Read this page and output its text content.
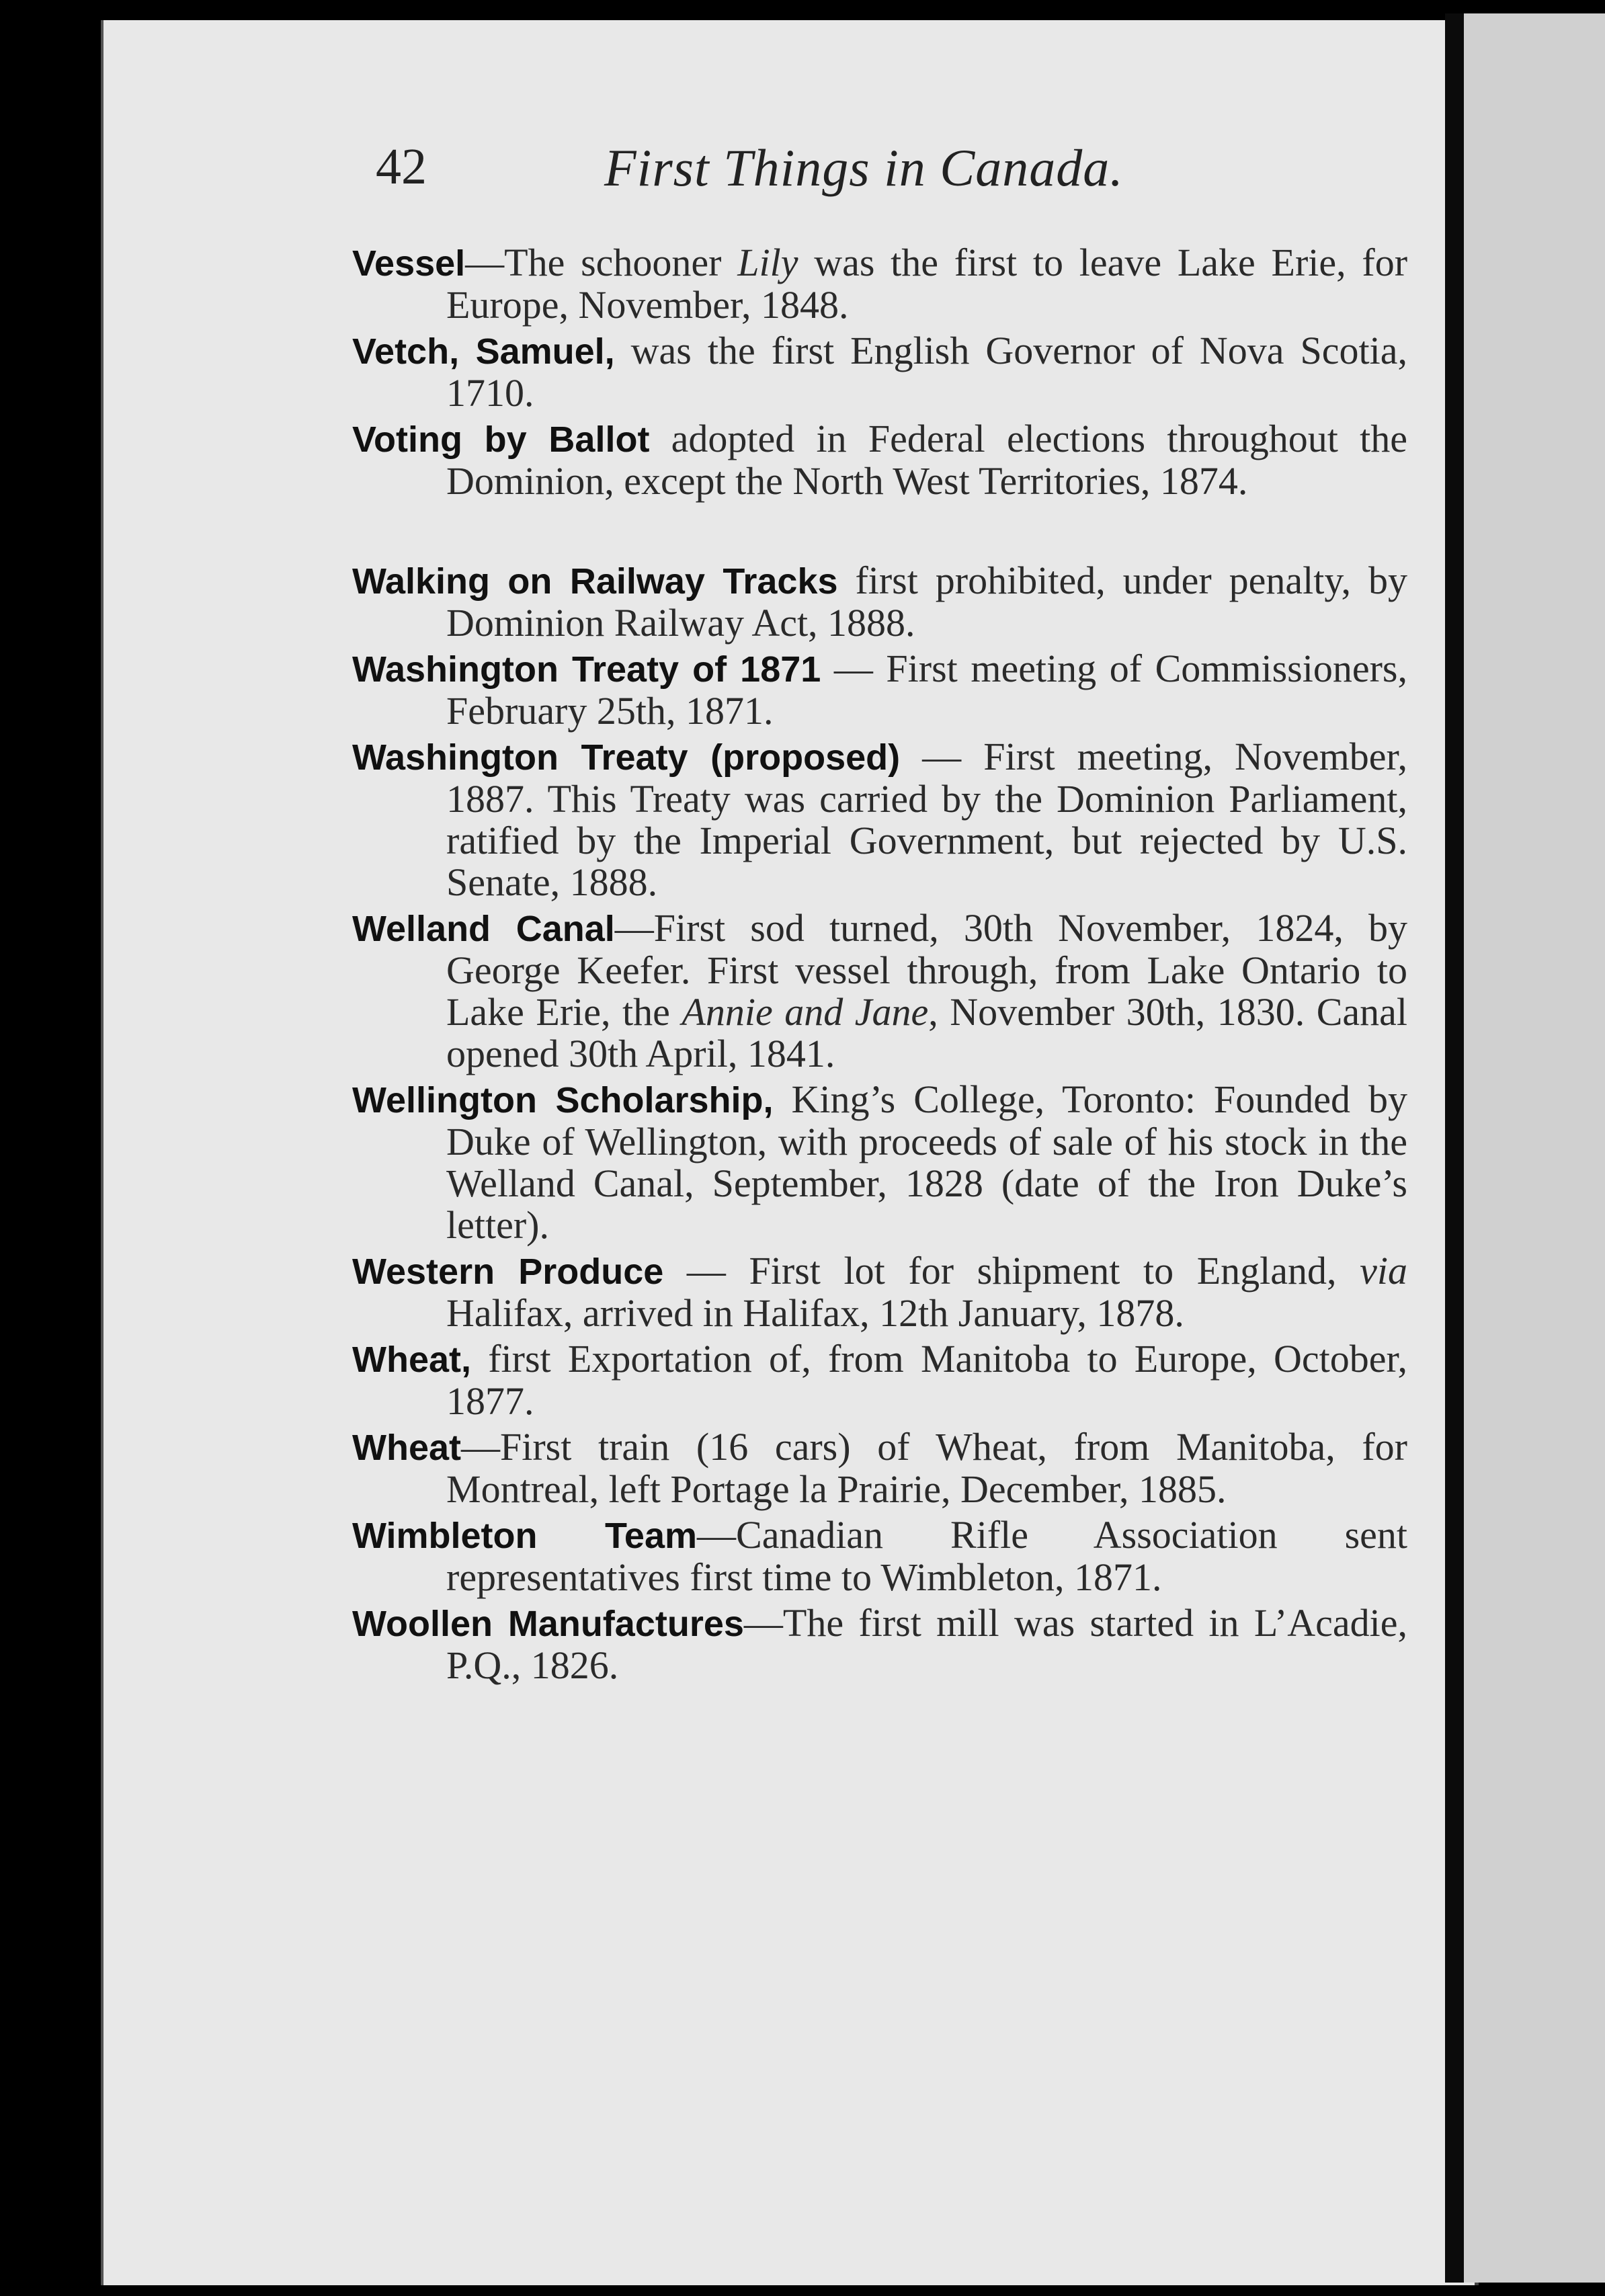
42	First Things in Canada.

Vessel—The schooner Lily was the first to leave Lake Erie, for Europe, November, 1848.

Vetch, Samuel, was the first English Governor of Nova Scotia, 1710.

Voting by Ballot adopted in Federal elections throughout the Dominion, except the North West Territories, 1874.

Walking on Railway Tracks first prohibited, under penalty, by Dominion Railway Act, 1888.

Washington Treaty of 1871 — First meeting of Commissioners, February 25th, 1871.

Washington Treaty (proposed) — First meeting, November, 1887. This Treaty was carried by the Dominion Parliament, ratified by the Imperial Government, but rejected by U.S. Senate, 1888.

Welland Canal—First sod turned, 30th November, 1824, by George Keefer. First vessel through, from Lake Ontario to Lake Erie, the Annie and Jane, November 30th, 1830. Canal opened 30th April, 1841.

Wellington Scholarship, King’s College, Toronto: Founded by Duke of Wellington, with proceeds of sale of his stock in the Welland Canal, September, 1828 (date of the Iron Duke’s letter).

Western Produce — First lot for shipment to England, via Halifax, arrived in Halifax, 12th January, 1878.

Wheat, first Exportation of, from Manitoba to Europe, October, 1877.

Wheat—First train (16 cars) of Wheat, from Manitoba, for Montreal, left Portage la Prairie, December, 1885.

Wimbleton Team—Canadian Rifle Association sent representatives first time to Wimbleton, 1871.

Woollen Manufactures—The first mill was started in L’Acadie, P.Q., 1826.
